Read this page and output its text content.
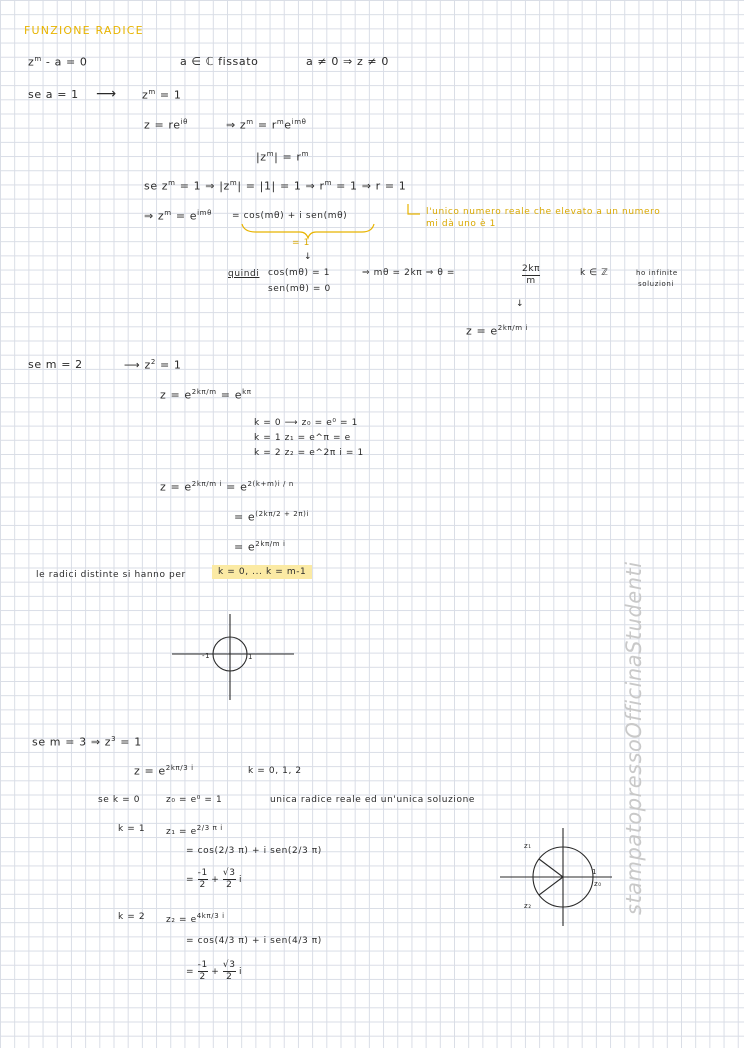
FUNZIONE RADICE
$z^m - a = 0$	a ∈ ℂ fissato	a ≠ 0 ⇒ z ≠ 0
se a = 1 ⟶ $z^m = 1$
$z = re^{i\theta}$	⇒ $z^m = r^me^{im\theta}$
$|z^m| = r^m$
se $z^m = 1$ ⇒ $|z^m| = |1| = 1$ ⇒ $r^m = 1$ ⇒ r = 1
⇒ $z^m = e^{im\theta} = \cos(m\theta) + i$ sen(mθ)	l'unico numero reale che elevato a un numero mi dà uno è 1
= 1
↓
quindi cos(mθ) = 1
sen(mθ) = 0
⇒ mθ = 2kπ ⇒ θ =	$\frac{2k\pi}{m}$	k ∈ ℤ	ho infinite
soluzioni
↓
$z = e^{2k\pi/m i}$
se m = 2	⟶ $z^2 = 1$
$z = e^{2k\pi/m} = e^{k\pi}$
k = 0 ⟶ z₀ = e⁰ = 1
k = 1 z₁ = e^π = e
k = 2 z₂ = e^2π i = 1
$z = e^{2k\pi/m i} = e^{2(k+m)i / n}$
= $e^{(2k\pi/2 + 2\pi)i}$
= $e^{2k\pi/m i}$
le radici distinte si hanno per	k = 0, ... k = m-1
-1	1
se m = 3 ⇒ $z^3 = 1$
$z = e^{2k\pi/3 i}$	k = 0, 1, 2
se k = 0	z₀ = e⁰ = 1	unica radice reale ed un'unica soluzione
k = 1 $z_1 = e^{2/3 \pi i}$
= cos(2/3 π) + i sen(2/3 π)
= $\frac{-1}{2} + \frac{√3}{2}$ i
k = 2 $z_2 = e^{4k\pi/3 i}$
= cos(4/3 π) + i sen(4/3 π)
= $\frac{-1}{2} + \frac{√3}{2}$ i
z₁
z₂
1
z₀ stampatopressoOfficinaStudenti
